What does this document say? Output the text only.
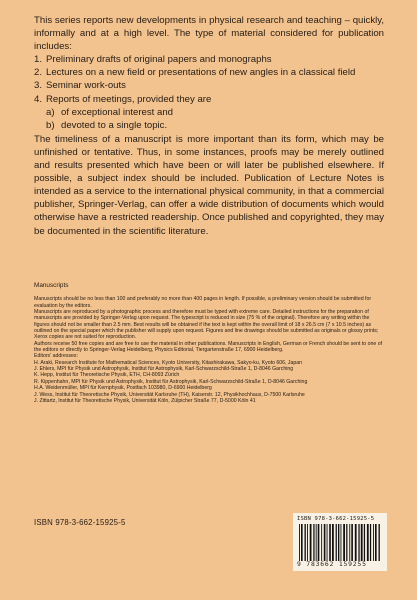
This series reports new developments in physical research and teaching – quickly, informally and at a high level. The type of material considered for publication includes:

1. Preliminary drafts of original papers and monographs
2. Lectures on a new field or presentations of new angles in a classical field
3. Seminar work-outs
4. Reports of meetings, provided they are
a) of exceptional interest and
b) devoted to a single topic.

The timeliness of a manuscript is more important than its form, which may be unfinished or tentative. Thus, in some instances, proofs may be merely outlined and results presented which have been or will later be published elsewhere. If possible, a subject index should be included. Publication of Lecture Notes is intended as a service to the international physical community, in that a commercial publisher, Springer-Verlag, can offer a wide distribution of documents which would otherwise have a restricted readership. Once published and copyrighted, they may be documented in the scientific literature.

Manuscripts

Manuscripts should be no less than 100 and preferably no more than 400 pages in length. If possible, a preliminary version should be submitted for evaluation by the editors.

Manuscripts are reproduced by a photographic process and therefore must be typed with extreme care. Detailed instructions for the preparation of manuscripts are provided by Springer-Verlag upon request. The typescript is reduced in size (75 % of the original). Therefore any writing within the figures should not be smaller than 2.5 mm. Best results will be obtained if the text is kept within the overall limit of 18 x 26.5 cm (7 x 10.5 inches) as outlined on the special paper which the publisher will supply upon request. Figures and line drawings should be submitted as originals or glossy prints; Xerox copies are not suited for reproduction.

Authors receive 50 free copies and are free to use the material in other publications. Manuscripts in English, German or French should be sent to one of the editors or directly to Springer-Verlag Heidelberg, Physics Editorial, Tiergartenstraße 17, 6900 Heidelberg.

Editors' addresses:

H. Araki, Research Institute for Mathematical Sciences, Kyoto University, Kitashirakawa, Sakyo-ku, Kyoto 606, Japan

J. Ehlers, MPI für Physik und Astrophysik, Institut für Astrophysik, Karl-Schwarzschild-Straße 1, D-8046 Garching

K. Hepp, Institut für Theoretische Physik, ETH, CH-8093 Zürich

R. Kippenhahn, MPI für Physik und Astrophysik, Institut für Astrophysik, Karl-Schwarzschild-Straße 1, D-8046 Garching

H.A. Weidenmüller, MPI für Kernphysik, Postfach 103980, D-6900 Heidelberg

J. Wess, Institut für Theoretische Physik, Universität Karlsruhe (TH), Kaiserstr. 12, Physikhochhaus, D-7500 Karlsruhe

J. Zittartz, Institut für Theoretische Physik, Universität Köln, Zülpicher Straße 77, D-5000 Köln 41

ISBN 978-3-662-15925-5	ISBN 978-3-662-15925-5
9 783662 159255
